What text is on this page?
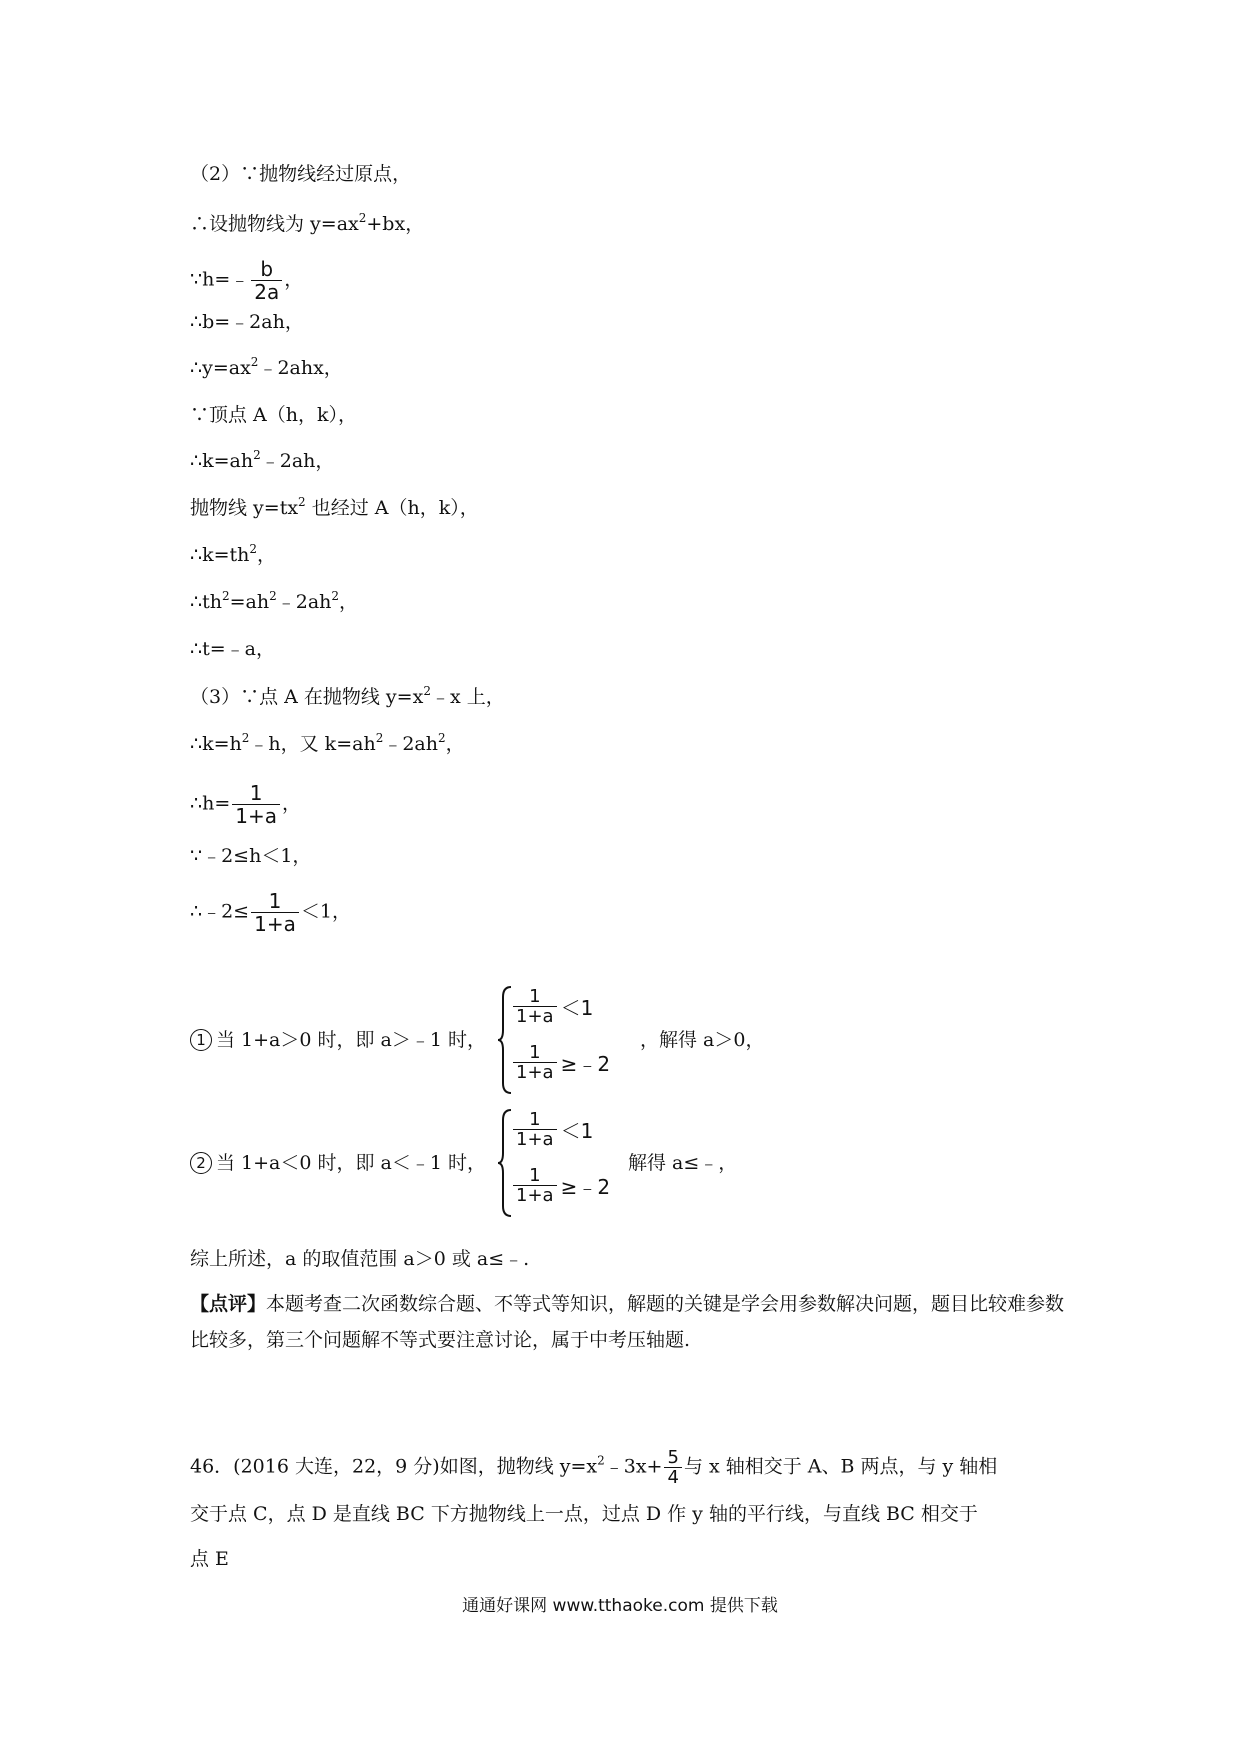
（2）∵抛物线经过原点，
∴设抛物线为 $y=ax^2+bx$，
∵h=﹣ $\frac{b}{2a}$ ，
∴b=﹣2ah，
$\therefore y=ax^2﹣2ahx$，
∵顶点 A（h，k），
$\therefore k=ah^2﹣2ah$，
抛物线 $y=tx^2$ 也经过 A（h，k），
$\therefore k=th^2$，
$\therefore th^2=ah^2﹣2ah^2$，
∴t=﹣a，
（3）∵点 A 在抛物线 $y=x^2﹣x$ 上，
$\therefore k=h^2﹣h$，又 $k=ah^2﹣2ah^2$，
∴h= $\frac{1}{1+a}$ ，
∵﹣2≤h＜1，
∴﹣2≤ $\frac{1}{1+a} <1$，
1 当 1+a＞0 时，即 a＞﹣1 时，
$\frac{1}{1+a} <1$
$\frac{1}{1+a}$ ≥﹣2
，解得 a＞0，
2 当 1+a＜0 时，即 a＜﹣1 时，
$\frac{1}{1+a} <1$
$\frac{1}{1+a}$ ≥﹣2
解得 a≤﹣，
综上所述，a 的取值范围 a＞0 或 a≤﹣.
【点评】本题考查二次函数综合题、不等式等知识，解题的关键是学会用参数解决问题，题目比较难参数比较多，第三个问题解不等式要注意讨论，属于中考压轴题.
46．(2016 大连，22，9 分)如图，抛物线 $y=x^2﹣3x+ \frac{5}{4}$ 与 x 轴相交于 A、B 两点，与 y 轴相
交于点 C，点 D 是直线 BC 下方抛物线上一点，过点 D 作 y 轴的平行线，与直线 BC 相交于
点 E
通通好课网 www.tthaoke.com 提供下载
